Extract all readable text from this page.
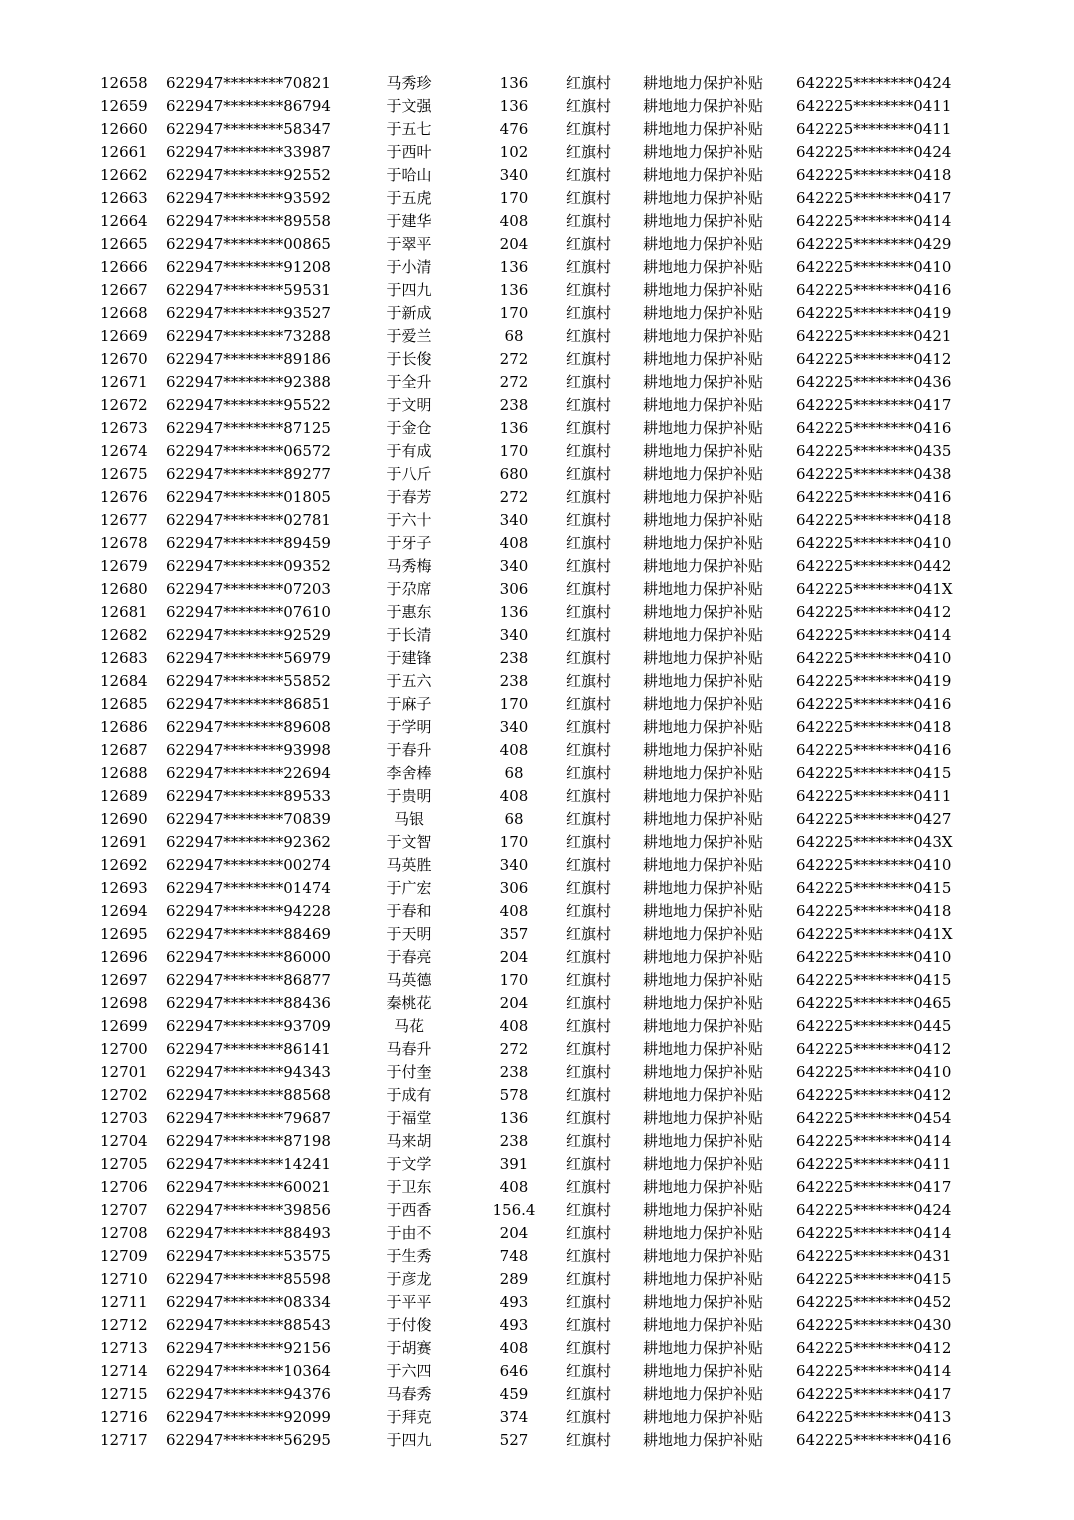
12658	622947********70821	马秀珍	136	红旗村	耕地地力保护补贴	642225********0424
12659	622947********86794	于文强	136	红旗村	耕地地力保护补贴	642225********0411
12660	622947********58347	于五七	476	红旗村	耕地地力保护补贴	642225********0411
12661	622947********33987	于西叶	102	红旗村	耕地地力保护补贴	642225********0424
12662	622947********92552	于哈山	340	红旗村	耕地地力保护补贴	642225********0418
12663	622947********93592	于五虎	170	红旗村	耕地地力保护补贴	642225********0417
12664	622947********89558	于建华	408	红旗村	耕地地力保护补贴	642225********0414
12665	622947********00865	于翠平	204	红旗村	耕地地力保护补贴	642225********0429
12666	622947********91208	于小清	136	红旗村	耕地地力保护补贴	642225********0410
12667	622947********59531	于四九	136	红旗村	耕地地力保护补贴	642225********0416
12668	622947********93527	于新成	170	红旗村	耕地地力保护补贴	642225********0419
12669	622947********73288	于爱兰	68	红旗村	耕地地力保护补贴	642225********0421
12670	622947********89186	于长俊	272	红旗村	耕地地力保护补贴	642225********0412
12671	622947********92388	于全升	272	红旗村	耕地地力保护补贴	642225********0436
12672	622947********95522	于文明	238	红旗村	耕地地力保护补贴	642225********0417
12673	622947********87125	于金仓	136	红旗村	耕地地力保护补贴	642225********0416
12674	622947********06572	于有成	170	红旗村	耕地地力保护补贴	642225********0435
12675	622947********89277	于八斤	680	红旗村	耕地地力保护补贴	642225********0438
12676	622947********01805	于春芳	272	红旗村	耕地地力保护补贴	642225********0416
12677	622947********02781	于六十	340	红旗村	耕地地力保护补贴	642225********0418
12678	622947********89459	于牙子	408	红旗村	耕地地力保护补贴	642225********0410
12679	622947********09352	马秀梅	340	红旗村	耕地地力保护补贴	642225********0442
12680	622947********07203	于尕席	306	红旗村	耕地地力保护补贴	642225********041X
12681	622947********07610	于惠东	136	红旗村	耕地地力保护补贴	642225********0412
12682	622947********92529	于长清	340	红旗村	耕地地力保护补贴	642225********0414
12683	622947********56979	于建锋	238	红旗村	耕地地力保护补贴	642225********0410
12684	622947********55852	于五六	238	红旗村	耕地地力保护补贴	642225********0419
12685	622947********86851	于麻子	170	红旗村	耕地地力保护补贴	642225********0416
12686	622947********89608	于学明	340	红旗村	耕地地力保护补贴	642225********0418
12687	622947********93998	于春升	408	红旗村	耕地地力保护补贴	642225********0416
12688	622947********22694	李舍棒	68	红旗村	耕地地力保护补贴	642225********0415
12689	622947********89533	于贵明	408	红旗村	耕地地力保护补贴	642225********0411
12690	622947********70839	马银	68	红旗村	耕地地力保护补贴	642225********0427
12691	622947********92362	于文智	170	红旗村	耕地地力保护补贴	642225********043X
12692	622947********00274	马英胜	340	红旗村	耕地地力保护补贴	642225********0410
12693	622947********01474	于广宏	306	红旗村	耕地地力保护补贴	642225********0415
12694	622947********94228	于春和	408	红旗村	耕地地力保护补贴	642225********0418
12695	622947********88469	于天明	357	红旗村	耕地地力保护补贴	642225********041X
12696	622947********86000	于春亮	204	红旗村	耕地地力保护补贴	642225********0410
12697	622947********86877	马英德	170	红旗村	耕地地力保护补贴	642225********0415
12698	622947********88436	秦桃花	204	红旗村	耕地地力保护补贴	642225********0465
12699	622947********93709	马花	408	红旗村	耕地地力保护补贴	642225********0445
12700	622947********86141	马春升	272	红旗村	耕地地力保护补贴	642225********0412
12701	622947********94343	于付奎	238	红旗村	耕地地力保护补贴	642225********0410
12702	622947********88568	于成有	578	红旗村	耕地地力保护补贴	642225********0412
12703	622947********79687	于福堂	136	红旗村	耕地地力保护补贴	642225********0454
12704	622947********87198	马来胡	238	红旗村	耕地地力保护补贴	642225********0414
12705	622947********14241	于文学	391	红旗村	耕地地力保护补贴	642225********0411
12706	622947********60021	于卫东	408	红旗村	耕地地力保护补贴	642225********0417
12707	622947********39856	于西香	156.4	红旗村	耕地地力保护补贴	642225********0424
12708	622947********88493	于由不	204	红旗村	耕地地力保护补贴	642225********0414
12709	622947********53575	于生秀	748	红旗村	耕地地力保护补贴	642225********0431
12710	622947********85598	于彦龙	289	红旗村	耕地地力保护补贴	642225********0415
12711	622947********08334	于平平	493	红旗村	耕地地力保护补贴	642225********0452
12712	622947********88543	于付俊	493	红旗村	耕地地力保护补贴	642225********0430
12713	622947********92156	于胡赛	408	红旗村	耕地地力保护补贴	642225********0412
12714	622947********10364	于六四	646	红旗村	耕地地力保护补贴	642225********0414
12715	622947********94376	马春秀	459	红旗村	耕地地力保护补贴	642225********0417
12716	622947********92099	于拜克	374	红旗村	耕地地力保护补贴	642225********0413
12717	622947********56295	于四九	527	红旗村	耕地地力保护补贴	642225********0416
